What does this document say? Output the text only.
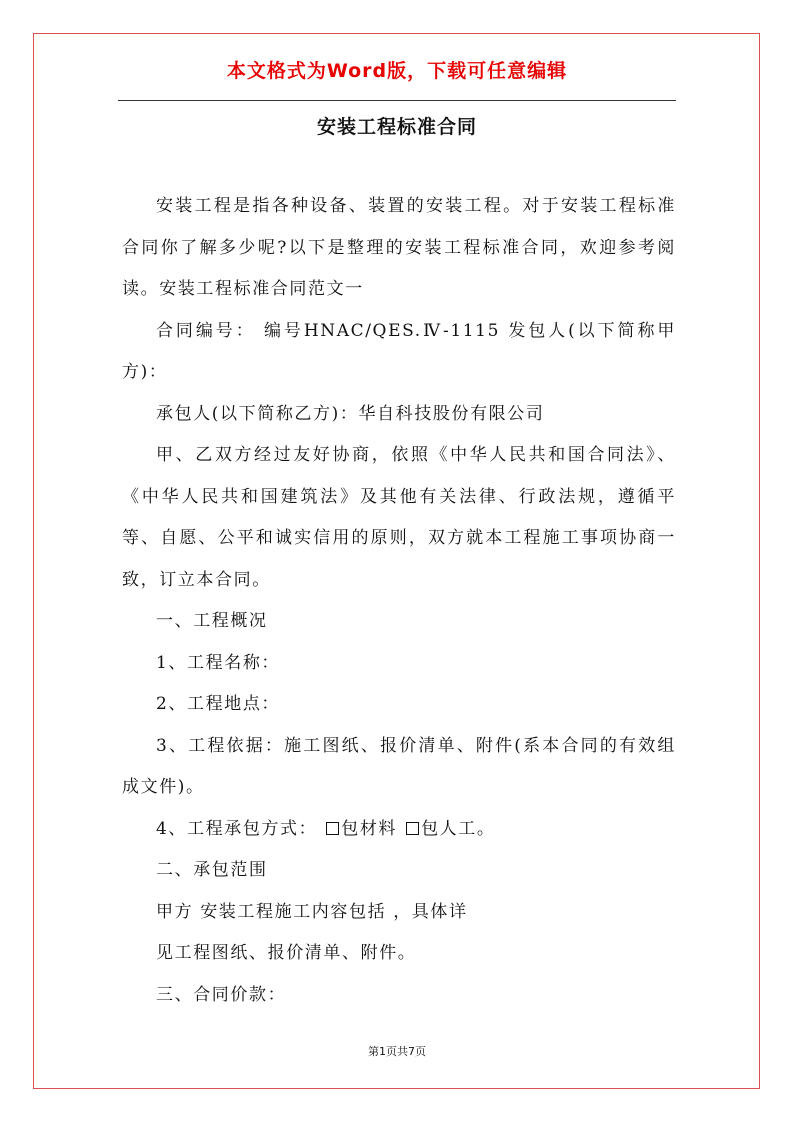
本文格式为Word版，下载可任意编辑
安装工程标准合同

安装工程是指各种设备、装置的安装工程。对于安装工程标准合同你了解多少呢?以下是整理的安装工程标准合同，欢迎参考阅读。安装工程标准合同范文一

合同编号： 编号HNAC/QES.Ⅳ-1115 发包人(以下简称甲方)：

承包人(以下简称乙方)：华自科技股份有限公司

甲、乙双方经过友好协商，依照《中华人民共和国合同法》、《中华人民共和国建筑法》及其他有关法律、行政法规，遵循平等、自愿、公平和诚实信用的原则，双方就本工程施工事项协商一致，订立本合同。

一、工程概况

1、工程名称：

2、工程地点：

3、工程依据：施工图纸、报价清单、附件(系本合同的有效组成文件)。

4、工程承包方式： 包材料 包人工。

二、承包范围

甲方 安装工程施工内容包括 ，具体详

见工程图纸、报价清单、附件。

三、合同价款：

第1页共7页
